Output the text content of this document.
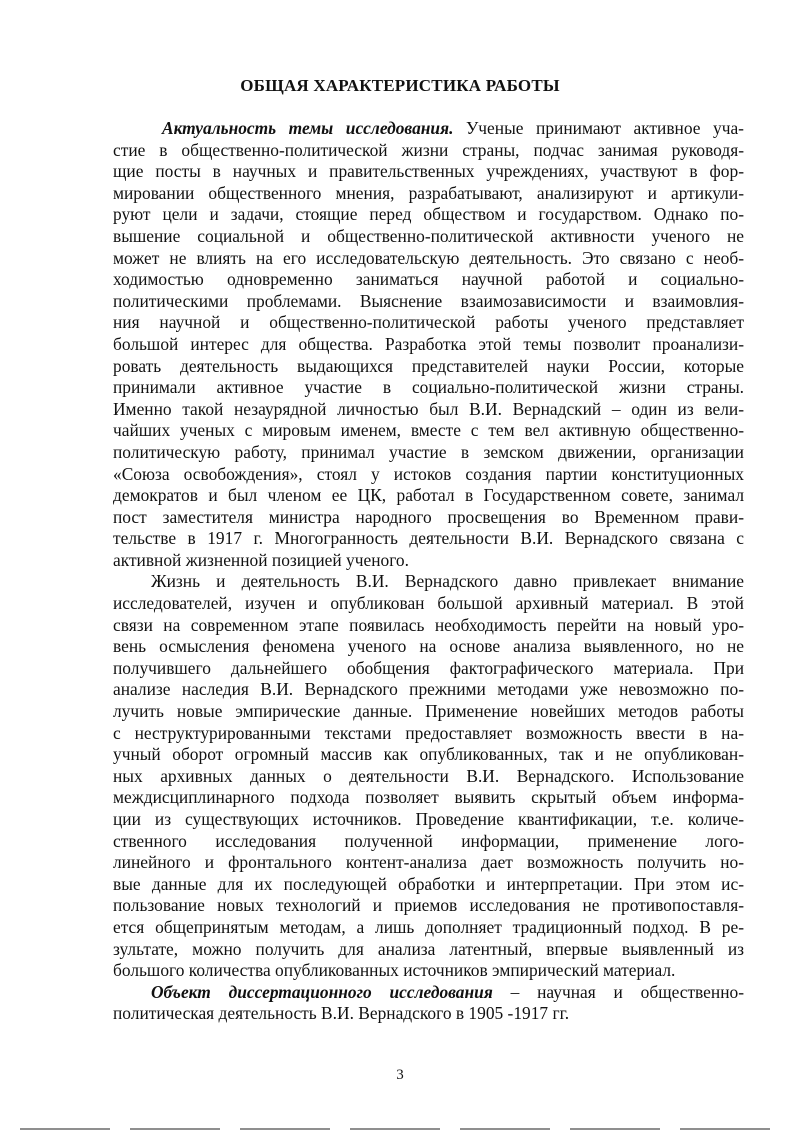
ОБЩАЯ ХАРАКТЕРИСТИКА РАБОТЫ
Актуальность темы исследования. Ученые принимают активное уча-
стие в общественно-политической жизни страны, подчас занимая руководя-
щие посты в научных и правительственных учреждениях, участвуют в фор-
мировании общественного мнения, разрабатывают, анализируют и артикули-
руют цели и задачи, стоящие перед обществом и государством. Однако по-
вышение социальной и общественно-политической активности ученого не
может не влиять на его исследовательскую деятельность. Это связано с необ-
ходимостью одновременно заниматься научной работой и социально-
политическими проблемами. Выяснение взаимозависимости и взаимовлия-
ния научной и общественно-политической работы ученого представляет
большой интерес для общества. Разработка этой темы позволит проанализи-
ровать деятельность выдающихся представителей науки России, которые
принимали активное участие в социально-политической жизни страны.
Именно такой незаурядной личностью был В.И. Вернадский – один из вели-
чайших ученых с мировым именем, вместе с тем вел активную общественно-
политическую работу, принимал участие в земском движении, организации
«Союза освобождения», стоял у истоков создания партии конституционных
демократов и был членом ее ЦК, работал в Государственном совете, занимал
пост заместителя министра народного просвещения во Временном прави-
тельстве в 1917 г. Многогранность деятельности В.И. Вернадского связана с
активной жизненной позицией ученого.
Жизнь и деятельность В.И. Вернадского давно привлекает внимание
исследователей, изучен и опубликован большой архивный материал. В этой
связи на современном этапе появилась необходимость перейти на новый уро-
вень осмысления феномена ученого на основе анализа выявленного, но не
получившего дальнейшего обобщения фактографического материала. При
анализе наследия В.И. Вернадского прежними методами уже невозможно по-
лучить новые эмпирические данные. Применение новейших методов работы
с неструктурированными текстами предоставляет возможность ввести в на-
учный оборот огромный массив как опубликованных, так и не опубликован-
ных архивных данных о деятельности В.И. Вернадского. Использование
междисциплинарного подхода позволяет выявить скрытый объем информа-
ции из существующих источников. Проведение квантификации, т.е. количе-
ственного исследования полученной информации, применение лого-
линейного и фронтального контент-анализа дает возможность получить но-
вые данные для их последующей обработки и интерпретации. При этом ис-
пользование новых технологий и приемов исследования не противопоставля-
ется общепринятым методам, а лишь дополняет традиционный подход. В ре-
зультате, можно получить для анализа латентный, впервые выявленный из
большого количества опубликованных источников эмпирический материал.
Объект диссертационного исследования – научная и общественно-
политическая деятельность В.И. Вернадского в 1905 -1917 гг.
3
